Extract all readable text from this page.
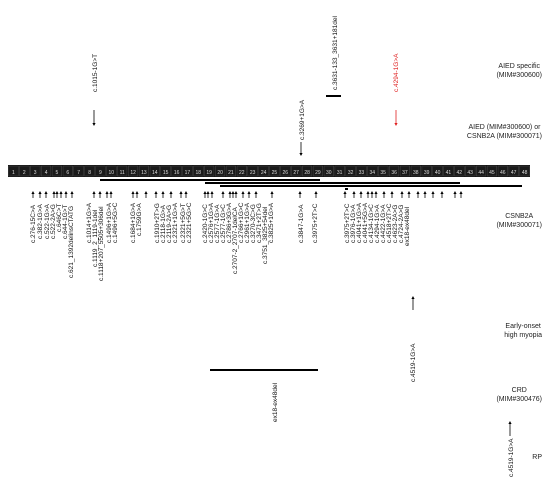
1 2 3 4 5 6 7 8 9 10 11 12 13 14 15 16 17 18 19 20 21 22 23 24 25 26 27 28 29 30 31 32 33 34 35 36 37 38 39 40 41 42 43 44 45 46 47 48
AIED specific
(MIM#300600)
AIED (MIM#300600) or
CSNB2A (MIM#300071)
CSNB2A
(MIM#300071)
Early-onset
high myopia
CRD
(MIM#300476)
RP
c.1015-1G>T
c.3269+1G>A
c.3631-133_3631+181del	c.4294-1G>A
c.276-15C>A c.382-1G>A c.522-1G>A c.522-2A>G c.646C>T c.644-1G>T c.621_1392delinsCTATG c.1014+1G>A c.1119_2_1119-1del c.1118+207_5505+306del c.1496+1G>A c.1496+5G>C c.1684+1G>A c.1759G>A c.1910+2T>G c.2118-1G>A c.2119-2A>G c.2321+1G>A c.2321+5G>T c.2321+5G>C c.2420-1G>C c.2576+1G>A c.2577-1G>A c.2577-1G>C c.2786+3G>A c.2707-2_2707-1delCA c.2766+1G>C c.2961+1G>A c.3270-3C>G c.3471+2T>G c.3751_3825+54del c.3825+1G>A	c.3847-1G>A c.3975+2T>C	c.3975+2T>C c.3976-1G>A c.4041+1G>A c.4041+5G>A c.4134-1G>C c.4294-1G>A c.4422-1G>A c.4518+2T>C c.4623-2A>G c.4724-2A>G ex18-ex48del
c.4519-1G>A
ex18-ex48del
c.4519-1G>A
